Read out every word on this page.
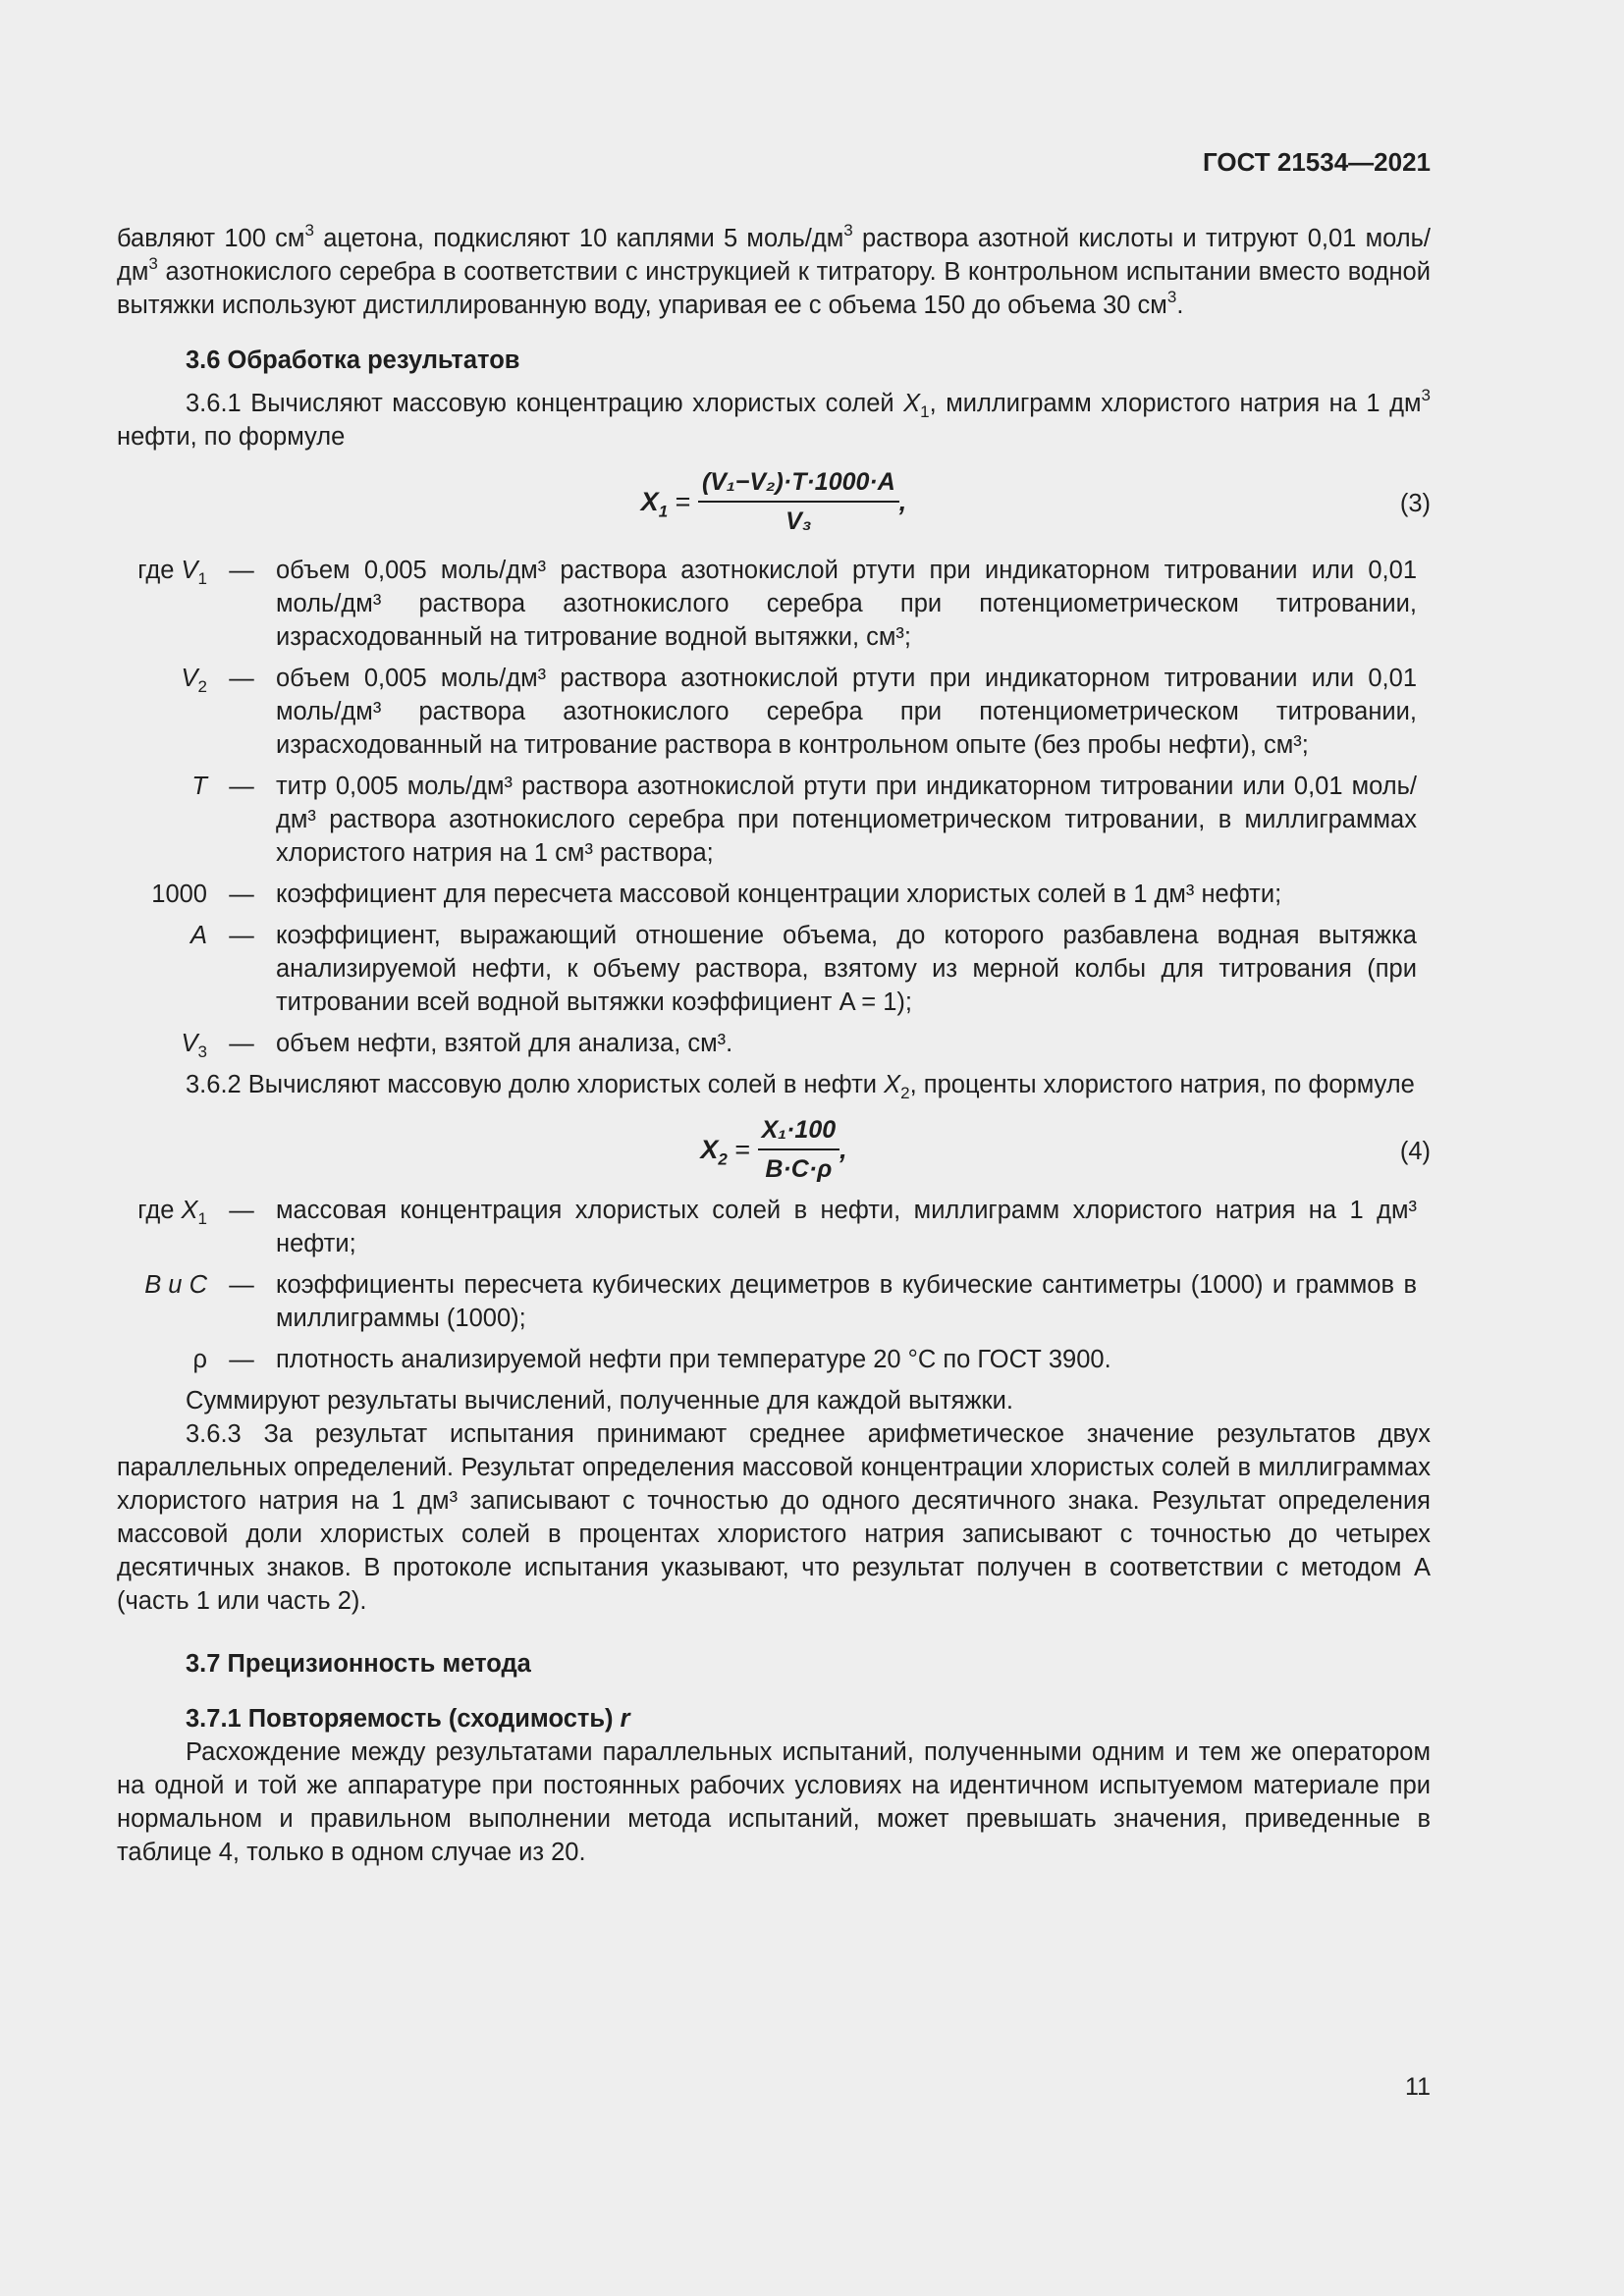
ГОСТ 21534—2021

бавляют 100 $см^3$ ацетона, подкисляют 10 каплями 5 моль/$дм^3$ раствора азотной кислоты и титруют 0,01 моль/$дм^3$ азотнокислого серебра в соответствии с инструкцией к титратору. В контрольном испытании вместо водной вытяжки используют дистиллированную воду, упаривая ее с объема 150 до объема 30 $см^3$.

3.6 Обработка результатов

3.6.1 Вычисляют массовую концентрацию хлористых солей $X_1$, миллиграмм хлористого натрия на 1 $дм^3$ нефти, по формуле

$X_1 = \frac{\text{(V₁−V₂)·T·1000·A}}{\text{V₃}}$ ,	(3)
где $V_1$	—	объем 0,005 моль/дм³ раствора азотнокислой ртути при индикаторном титровании или 0,01 моль/дм³ раствора азотнокислого серебра при потенциометрическом титровании, израсходованный на титрование водной вытяжки, см³;
$V_2$	—	объем 0,005 моль/дм³ раствора азотнокислой ртути при индикаторном титровании или 0,01 моль/дм³ раствора азотнокислого серебра при потенциометрическом титровании, израсходованный на титрование раствора в контрольном опыте (без пробы нефти), см³;
T	—	титр 0,005 моль/дм³ раствора азотнокислой ртути при индикаторном титровании или 0,01 моль/дм³ раствора азотнокислого серебра при потенциометрическом титровании, в миллиграммах хлористого натрия на 1 см³ раствора;
1000	—	коэффициент для пересчета массовой концентрации хлористых солей в 1 дм³ нефти;
A	—	коэффициент, выражающий отношение объема, до которого разбавлена водная вытяжка анализируемой нефти, к объему раствора, взятому из мерной колбы для титрования (при титровании всей водной вытяжки коэффициент A = 1);
$V_3$	—	объем нефти, взятой для анализа, см³.

3.6.2 Вычисляют массовую долю хлористых солей в нефти $X_2$, проценты хлористого натрия, по формуле

$X_2 = \frac{\text{X₁·100}}{B\cdot C\cdot\rho}$ ,	(4)
где $X_1$	—	массовая концентрация хлористых солей в нефти, миллиграмм хлористого натрия на 1 дм³ нефти;
B и C	—	коэффициенты пересчета кубических дециметров в кубические сантиметры (1000) и граммов в миллиграммы (1000);
ρ	—	плотность анализируемой нефти при температуре 20 °C по ГОСТ 3900.

Суммируют результаты вычислений, полученные для каждой вытяжки.

3.6.3 За результат испытания принимают среднее арифметическое значение результатов двух параллельных определений. Результат определения массовой концентрации хлористых солей в миллиграммах хлористого натрия на 1 дм³ записывают с точностью до одного десятичного знака. Результат определения массовой доли хлористых солей в процентах хлористого натрия записывают с точностью до четырех десятичных знаков. В протоколе испытания указывают, что результат получен в соответствии с методом A (часть 1 или часть 2).

3.7 Прецизионность метода

3.7.1 Повторяемость (сходимость) r

Расхождение между результатами параллельных испытаний, полученными одним и тем же оператором на одной и той же аппаратуре при постоянных рабочих условиях на идентичном испытуемом материале при нормальном и правильном выполнении метода испытаний, может превышать значения, приведенные в таблице 4, только в одном случае из 20.

11
